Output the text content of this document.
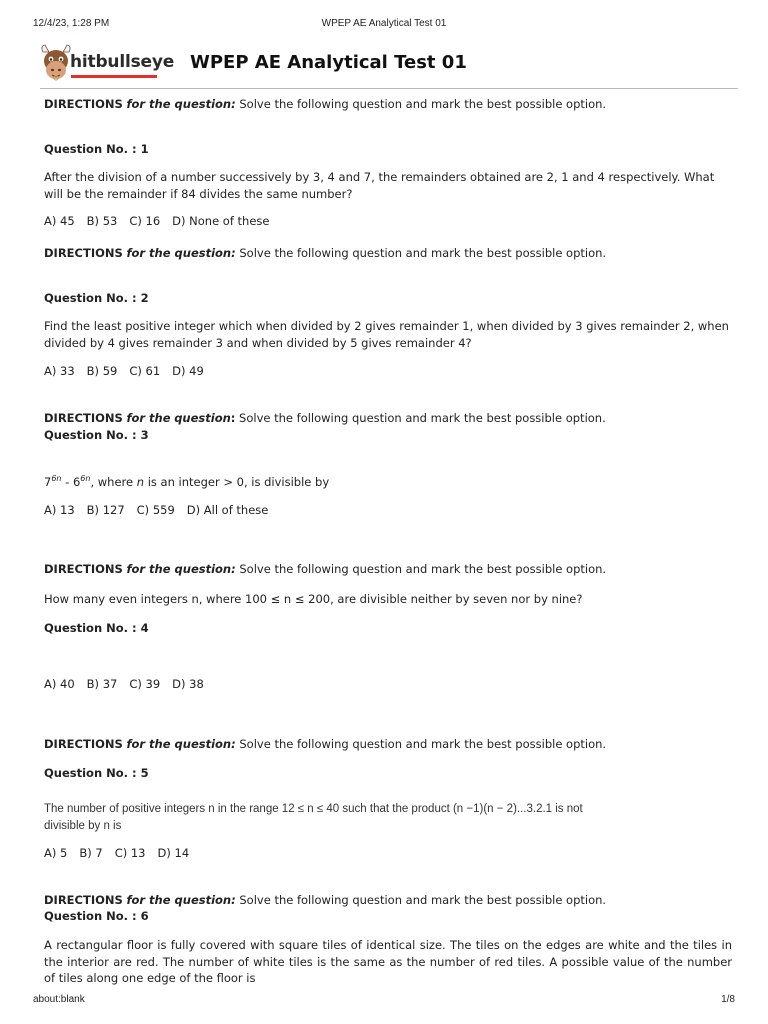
12/4/23, 1:28 PM	WPEP AE Analytical Test 01
hitbullseye WPEP AE Analytical Test 01
DIRECTIONS for the question: Solve the following question and mark the best possible option.
Question No. : 1
After the division of a number successively by 3, 4 and 7, the remainders obtained are 2, 1 and 4 respectively. What will be the remainder if 84 divides the same number?
A) 45 B) 53 C) 16 D) None of these
DIRECTIONS for the question: Solve the following question and mark the best possible option.
Question No. : 2
Find the least positive integer which when divided by 2 gives remainder 1, when divided by 3 gives remainder 2, when divided by 4 gives remainder 3 and when divided by 5 gives remainder 4?
A) 33 B) 59 C) 61 D) 49
DIRECTIONS for the question: Solve the following question and mark the best possible option.
Question No. : 3
$7^{6n} - 6^{6n}$, where n is an integer > 0, is divisible by
A) 13 B) 127 C) 559 D) All of these
DIRECTIONS for the question: Solve the following question and mark the best possible option.
How many even integers n, where 100 ≤ n ≤ 200, are divisible neither by seven nor by nine?
Question No. : 4
A) 40 B) 37 C) 39 D) 38
DIRECTIONS for the question: Solve the following question and mark the best possible option.
Question No. : 5
The number of positive integers n in the range 12 ≤ n ≤ 40 such that the product (n −1)(n − 2)...3.2.1 is not
divisible by n is
A) 5 B) 7 C) 13 D) 14
DIRECTIONS for the question: Solve the following question and mark the best possible option.
Question No. : 6
A rectangular floor is fully covered with square tiles of identical size. The tiles on the edges are white and the tiles in the interior are red. The number of white tiles is the same as the number of red tiles. A possible value of the number of tiles along one edge of the floor is
about:blank	1/8
